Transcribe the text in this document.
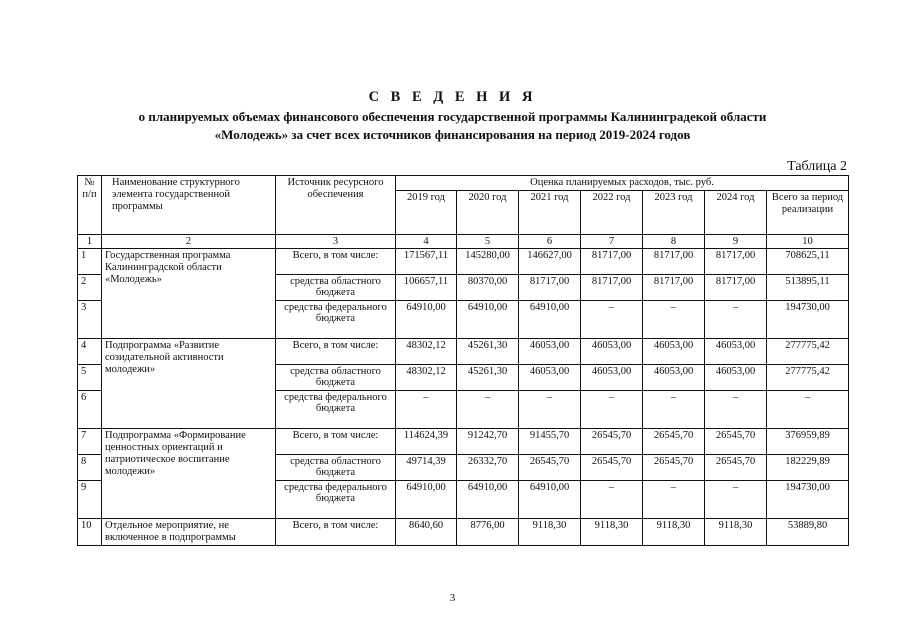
С В Е Д Е Н И Я
о планируемых объемах финансового обеспечения государственной программы Калининградекой области
«Молодежь» за счет всех источников финансирования на период 2019-2024 годов
Таблица 2
№ п/п	Наименование структурного элемента государственной программы	Источник ресурсного обеспечения	Оценка планируемых расходов, тыс. руб.						
			2019 год	2020 год	2021 год	2022 год	2023 год	2024 год	Всего за период реализации
1	2	3	4	5	6	7	8	9	10
1	Государственная программа Калининградской области «Молодежь»	Всего, в том числе:	171567,11	145280,00	146627,00	81717,00	81717,00	81717,00	708625,11
2		средства областного бюджета	106657,11	80370,00	81717,00	81717,00	81717,00	81717,00	513895,11
3		средства федерального бюджета	64910,00	64910,00	64910,00	–	–	–	194730,00
4	Подпрограмма «Развитие созидательной активности молодежи»	Всего, в том числе:	48302,12	45261,30	46053,00	46053,00	46053,00	46053,00	277775,42
5		средства областного бюджета	48302,12	45261,30	46053,00	46053,00	46053,00	46053,00	277775,42
6		средства федерального бюджета	–	–	–	–	–	–	–
7	Подпрограмма «Формирование ценностных ориентаций и патриотическое воспитание молодежи»	Всего, в том числе:	114624,39	91242,70	91455,70	26545,70	26545,70	26545,70	376959,89
8		средства областного бюджета	49714,39	26332,70	26545,70	26545,70	26545,70	26545,70	182229,89
9		средства федерального бюджета	64910,00	64910,00	64910,00	–	–	–	194730,00
10	Отдельное мероприятие, не включенное в подпрограммы	Всего, в том числе:	8640,60	8776,00	9118,30	9118,30	9118,30	9118,30	53889,80
3
